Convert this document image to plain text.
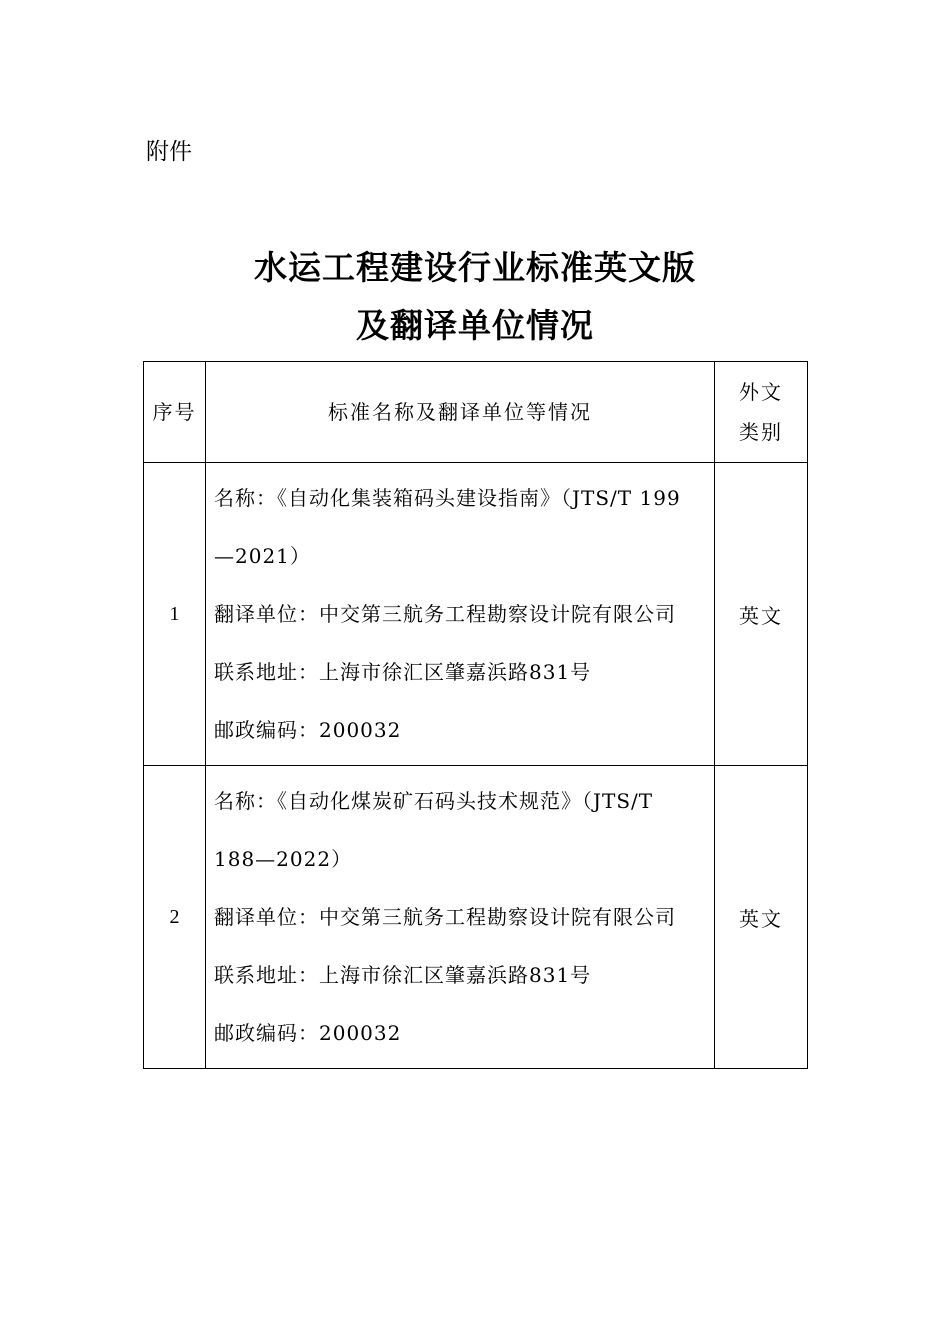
附件
水运工程建设行业标准英文版
及翻译单位情况
序号	标准名称及翻译单位等情况	外文
类别

1	名称：《自动化集装箱码头建设指南》（JTS/T 199
—2021）
翻译单位：中交第三航务工程勘察设计院有限公司
联系地址：上海市徐汇区肇嘉浜路831号
邮政编码：200032	英文
2	名称：《自动化煤炭矿石码头技术规范》（JTS/T
188—2022）
翻译单位：中交第三航务工程勘察设计院有限公司
联系地址：上海市徐汇区肇嘉浜路831号
邮政编码：200032	英文
